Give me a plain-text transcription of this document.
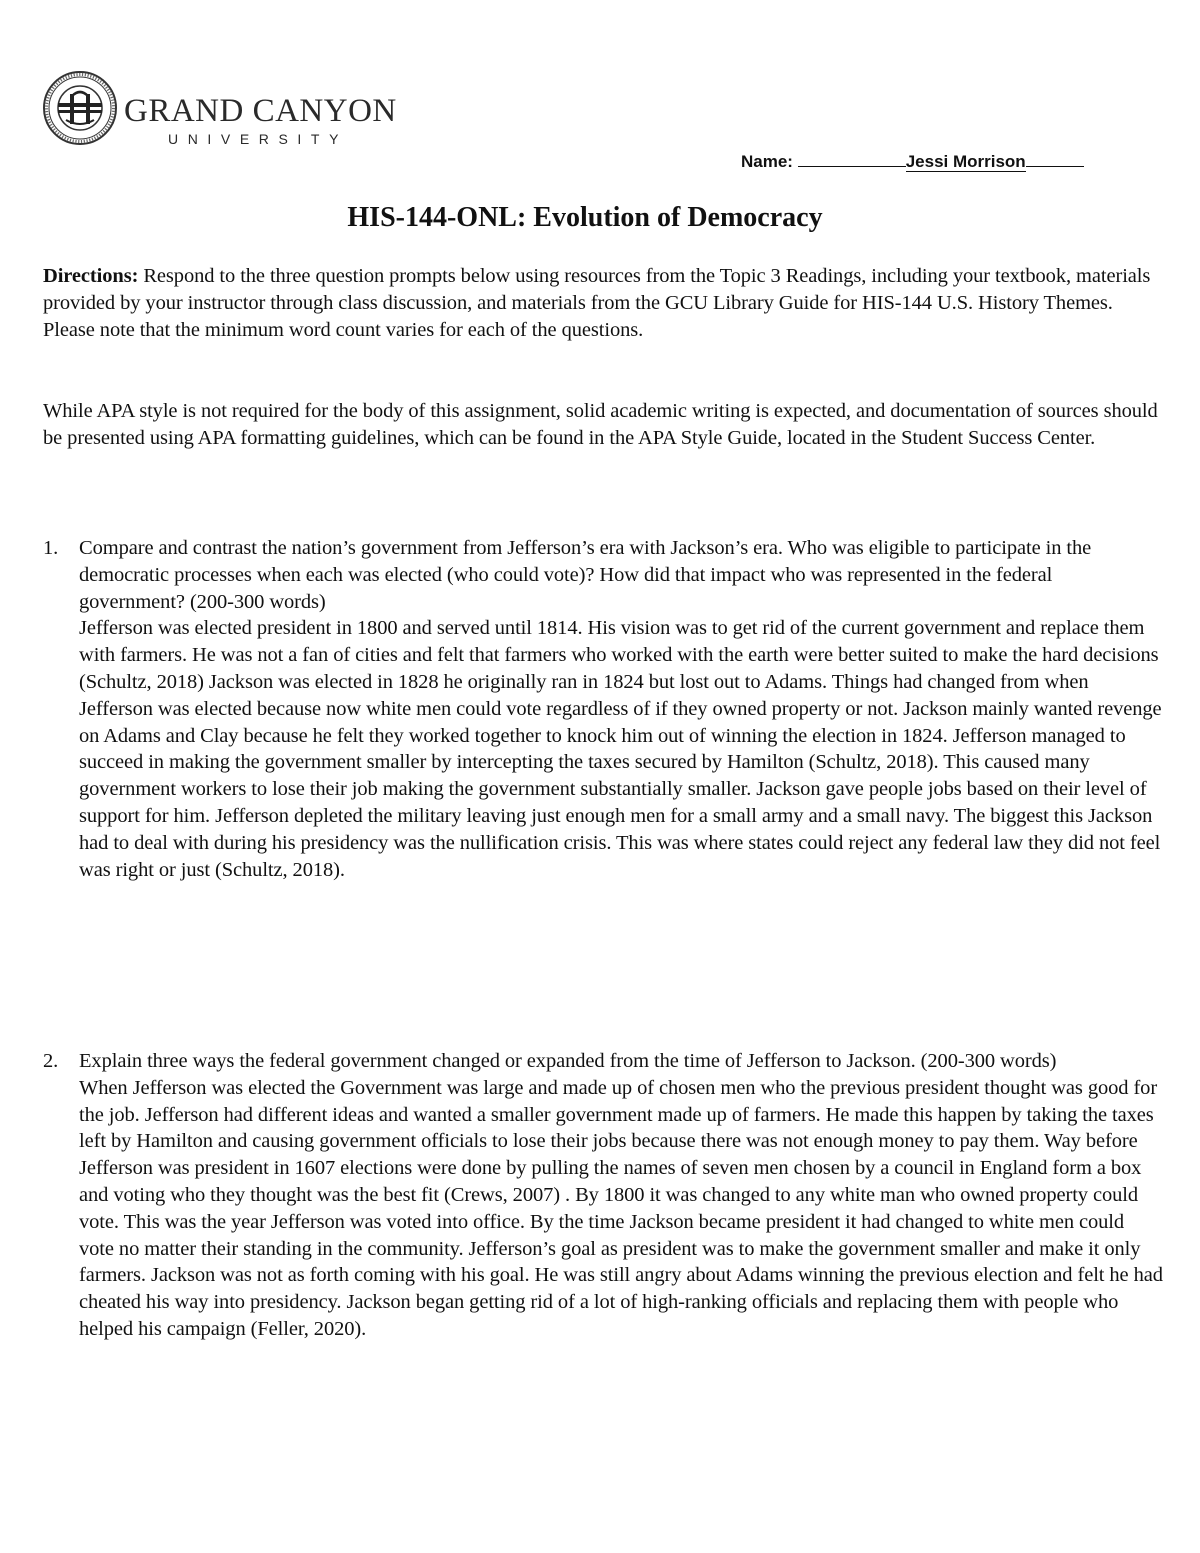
GRAND CANYON
UNIVERSITY
Name:	Jessi Morrison
HIS-144-ONL: Evolution of Democracy
Directions: Respond to the three question prompts below using resources from the Topic 3 Readings, including your textbook, materials provided by your instructor through class discussion, and materials from the GCU Library Guide for HIS-144 U.S. History Themes. Please note that the minimum word count varies for each of the questions.
While APA style is not required for the body of this assignment, solid academic writing is expected, and documentation of sources should be presented using APA formatting guidelines, which can be found in the APA Style Guide, located in the Student Success Center.
1.	Compare and contrast the nation’s government from Jefferson’s era with Jackson’s era. Who was eligible to participate in the democratic processes when each was elected (who could vote)? How did that impact who was represented in the federal government? (200-300 words)
Jefferson was elected president in 1800 and served until 1814. His vision was to get rid of the current government and replace them with farmers. He was not a fan of cities and felt that farmers who worked with the earth were better suited to make the hard decisions (Schultz, 2018) Jackson was elected in 1828 he originally ran in 1824 but lost out to Adams. Things had changed from when Jefferson was elected because now white men could vote regardless of if they owned property or not. Jackson mainly wanted revenge on Adams and Clay because he felt they worked together to knock him out of winning the election in 1824. Jefferson managed to succeed in making the government smaller by intercepting the taxes secured by Hamilton (Schultz, 2018). This caused many government workers to lose their job making the government substantially smaller. Jackson gave people jobs based on their level of support for him. Jefferson depleted the military leaving just enough men for a small army and a small navy. The biggest this Jackson had to deal with during his presidency was the nullification crisis. This was where states could reject any federal law they did not feel was right or just (Schultz, 2018).
2.	Explain three ways the federal government changed or expanded from the time of Jefferson to Jackson. (200-300 words)
When Jefferson was elected the Government was large and made up of chosen men who the previous president thought was good for the job. Jefferson had different ideas and wanted a smaller government made up of farmers. He made this happen by taking the taxes left by Hamilton and causing government officials to lose their jobs because there was not enough money to pay them. Way before Jefferson was president in 1607 elections were done by pulling the names of seven men chosen by a council in England form a box and voting who they thought was the best fit (Crews, 2007) . By 1800 it was changed to any white man who owned property could vote. This was the year Jefferson was voted into office. By the time Jackson became president it had changed to white men could vote no matter their standing in the community. Jefferson’s goal as president was to make the government smaller and make it only farmers. Jackson was not as forth coming with his goal. He was still angry about Adams winning the previous election and felt he had cheated his way into presidency. Jackson began getting rid of a lot of high-ranking officials and replacing them with people who helped his campaign (Feller, 2020).
